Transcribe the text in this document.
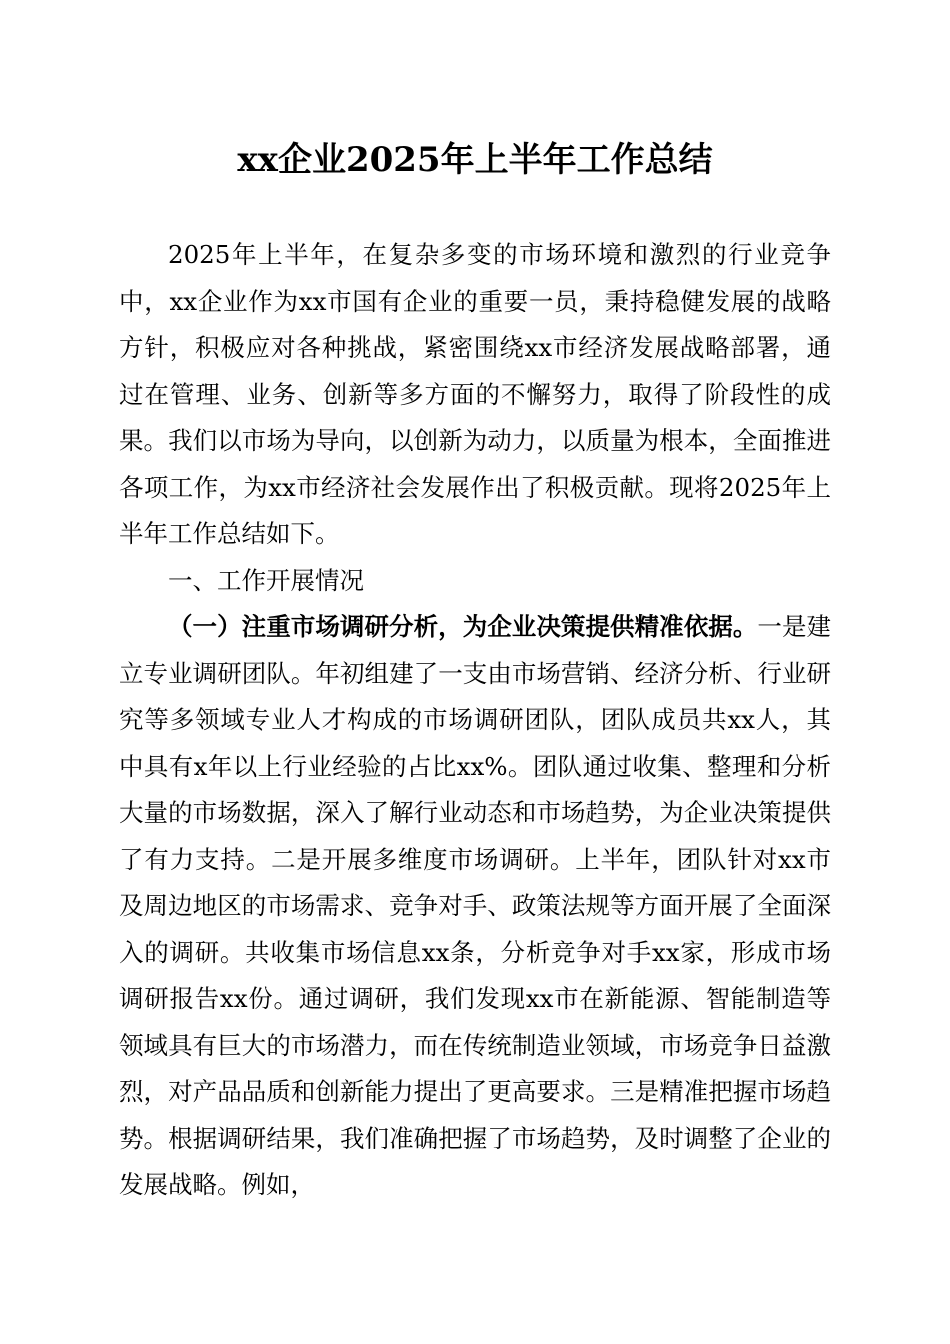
xx企业2025年上半年工作总结

2025年上半年，在复杂多变的市场环境和激烈的行业竞争中，xx企业作为xx市国有企业的重要一员，秉持稳健发展的战略方针，积极应对各种挑战，紧密围绕xx市经济发展战略部署，通过在管理、业务、创新等多方面的不懈努力，取得了阶段性的成果。我们以市场为导向，以创新为动力，以质量为根本，全面推进各项工作，为xx市经济社会发展作出了积极贡献。现将2025年上半年工作总结如下。

一、工作开展情况

（一）注重市场调研分析，为企业决策提供精准依据。一是建立专业调研团队。年初组建了一支由市场营销、经济分析、行业研究等多领域专业人才构成的市场调研团队，团队成员共xx人，其中具有x年以上行业经验的占比xx%。团队通过收集、整理和分析大量的市场数据，深入了解行业动态和市场趋势，为企业决策提供了有力支持。二是开展多维度市场调研。上半年，团队针对xx市及周边地区的市场需求、竞争对手、政策法规等方面开展了全面深入的调研。共收集市场信息xx条，分析竞争对手xx家，形成市场调研报告xx份。通过调研，我们发现xx市在新能源、智能制造等领域具有巨大的市场潜力，而在传统制造业领域，市场竞争日益激烈，对产品品质和创新能力提出了更高要求。三是精准把握市场趋势。根据调研结果，我们准确把握了市场趋势，及时调整了企业的发展战略。例如，
